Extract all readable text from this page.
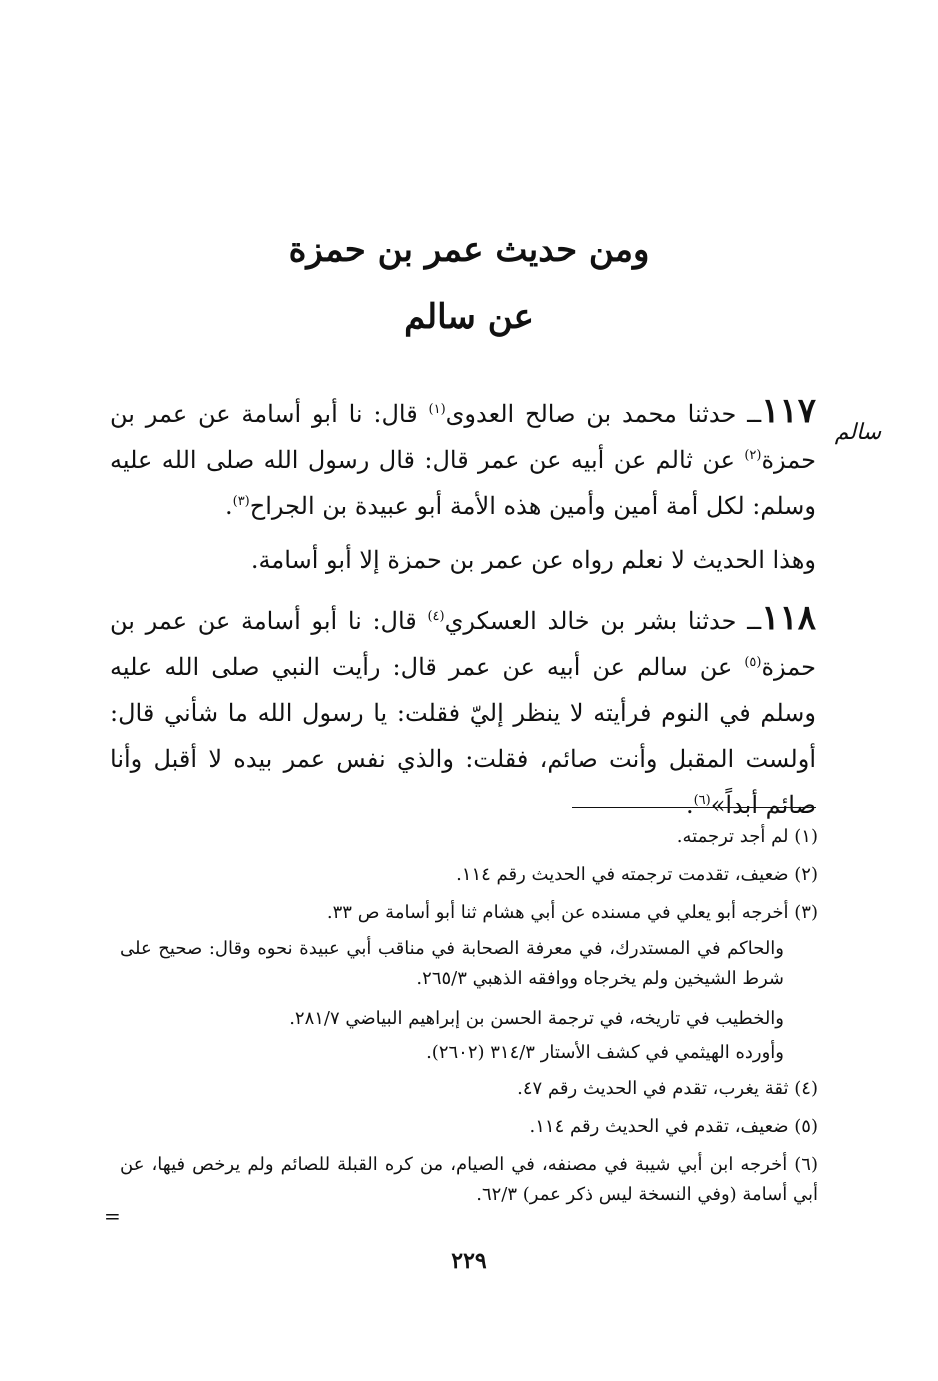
ومن حديث عمر بن حمزة
عن سالم
١١٧ــ حدثنا محمد بن صالح العدوى$^{(١)}$ قال: نا أبو أسامة عن عمر بن حمزة$^{(٢)}$ عن ثالم عن أبيه عن عمر قال: قال رسول الله صلى الله عليه وسلم: لكل أمة أمين وأمين هذه الأمة أبو عبيدة بن الجراح$^{(٣)}$.
سالم
وهذا الحديث لا نعلم رواه عن عمر بن حمزة إلا أبو أسامة.
١١٨ــ حدثنا بشر بن خالد العسكري$^{(٤)}$ قال: نا أبو أسامة عن عمر بن حمزة$^{(٥)}$ عن سالم عن أبيه عن عمر قال: رأيت النبي صلى الله عليه وسلم في النوم فرأيته لا ينظر إليّ فقلت: يا رسول الله ما شأني قال: أولست المقبل وأنت صائم، فقلت: والذي نفس عمر بيده لا أقبل وأنا صائم أبداً»$^{(٦)}$.
(١) لم أجد ترجمته.
(٢) ضعيف، تقدمت ترجمته في الحديث رقم ١١٤.
(٣) أخرجه أبو يعلي في مسنده عن أبي هشام ثنا أبو أسامة ص ٣٣.
والحاكم في المستدرك، في معرفة الصحابة في مناقب أبي عبيدة نحوه وقال: صحيح على شرط الشيخين ولم يخرجاه ووافقه الذهبي ٢٦٥/٣.
والخطيب في تاريخه، في ترجمة الحسن بن إبراهيم البياضي ٢٨١/٧.
وأورده الهيثمي في كشف الأستار ٣١٤/٣ (٢٦٠٢).
(٤) ثقة يغرب، تقدم في الحديث رقم ٤٧.
(٥) ضعيف، تقدم في الحديث رقم ١١٤.
(٦) أخرجه ابن أبي شيبة في مصنفه، في الصيام، من كره القبلة للصائم ولم يرخص فيها، عن أبي أسامة (وفي النسخة ليس ذكر عمر) ٦٢/٣.
=
٢٢٩
